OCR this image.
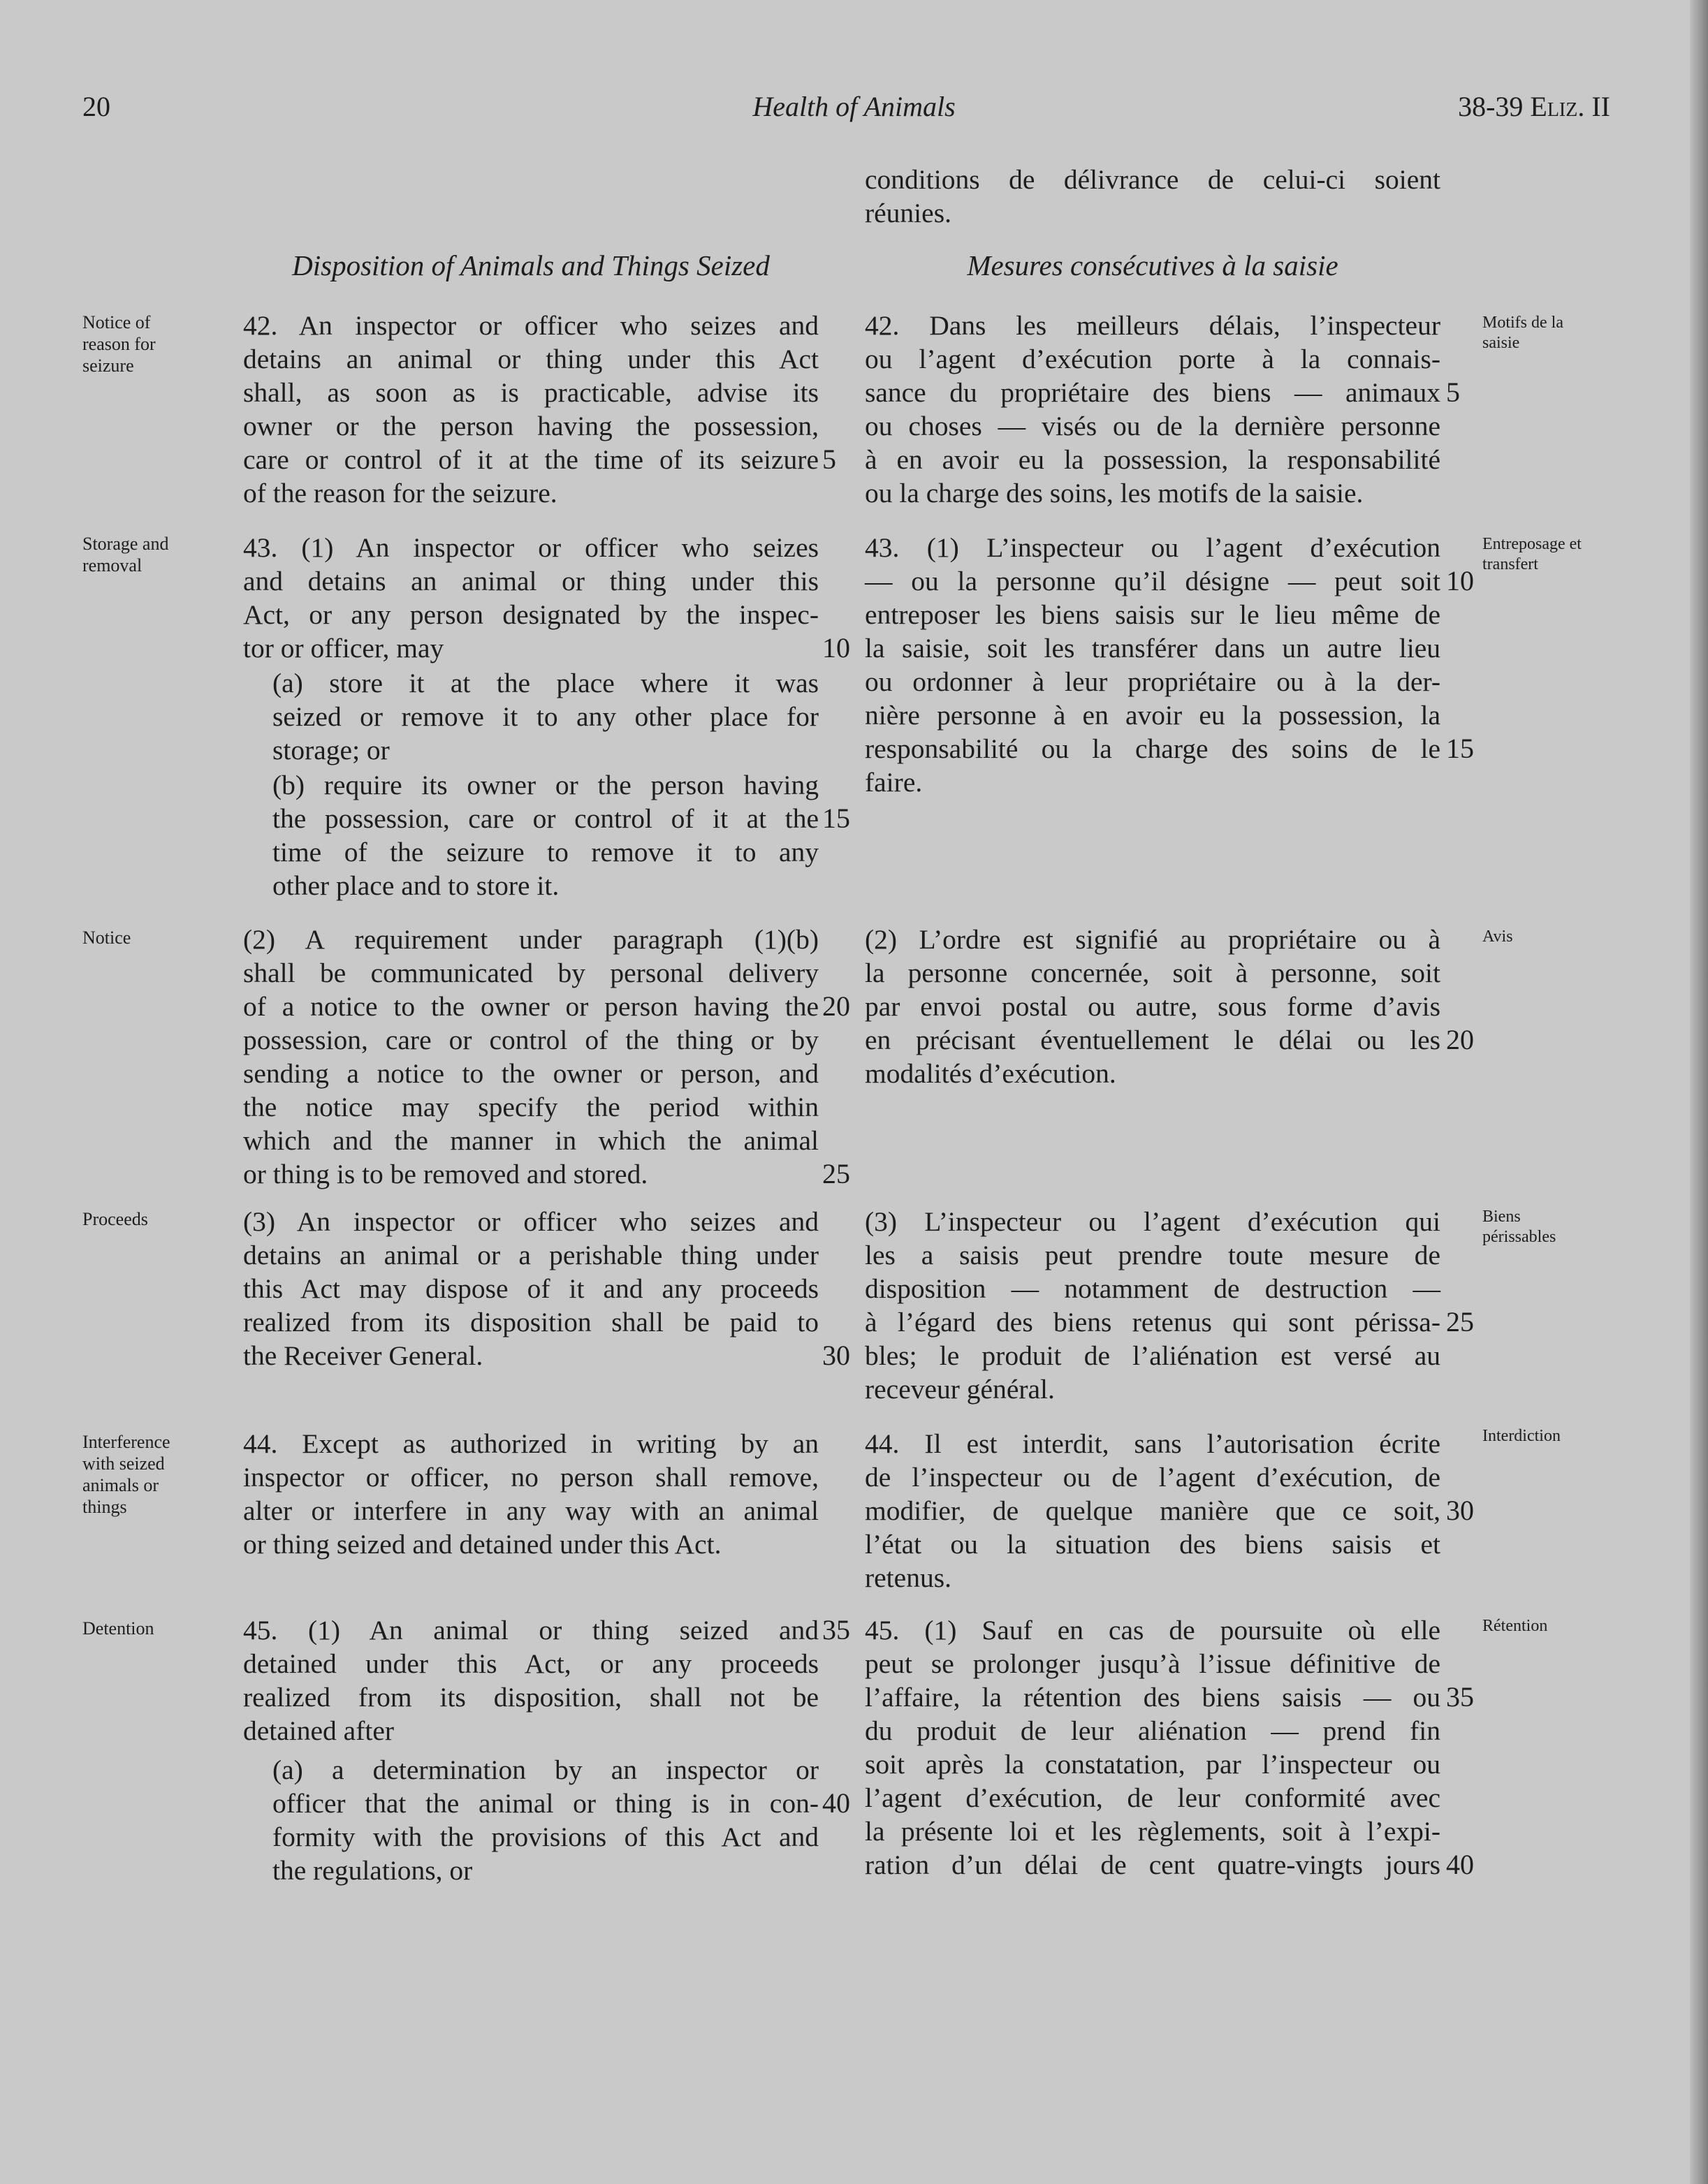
Health of Animals
20	38-39 Eliz. II
Disposition of Animals and Things Seized	Mesures consécutives à la saisie
Notice of reason for seizure
Storage and removal
Notice
Proceeds
Interference with seized animals or things
Detention
Motifs de la saisie
Entreposage et transfert
Avis
Biens périssables
Interdiction
Rétention
42. An inspector or officer who seizes and
detains an animal or thing under this Act
shall, as soon as is practicable, advise its
owner or the person having the possession,
care or control of it at the time of its seizure
of the reason for the seizure.
43. (1) An inspector or officer who seizes
and detains an animal or thing under this
Act, or any person designated by the inspec-
tor or officer, may
(a) store it at the place where it was
seized or remove it to any other place for
storage; or
(b) require its owner or the person having
the possession, care or control of it at the
time of the seizure to remove it to any
other place and to store it.
(2) A requirement under paragraph (1)(b)
shall be communicated by personal delivery
of a notice to the owner or person having the
possession, care or control of the thing or by
sending a notice to the owner or person, and
the notice may specify the period within
which and the manner in which the animal
or thing is to be removed and stored.
(3) An inspector or officer who seizes and
detains an animal or a perishable thing under
this Act may dispose of it and any proceeds
realized from its disposition shall be paid to
the Receiver General.
44. Except as authorized in writing by an
inspector or officer, no person shall remove,
alter or interfere in any way with an animal
or thing seized and detained under this Act.
45. (1) An animal or thing seized and
detained under this Act, or any proceeds
realized from its disposition, shall not be
detained after
(a) a determination by an inspector or
officer that the animal or thing is in con-
formity with the provisions of this Act and
the regulations, or
5
10
15
20
25
30
35
40
conditions de délivrance de celui-ci soient
réunies.
42. Dans les meilleurs délais, l’inspecteur
ou l’agent d’exécution porte à la connais-
sance du propriétaire des biens — animaux
ou choses — visés ou de la dernière personne
à en avoir eu la possession, la responsabilité
ou la charge des soins, les motifs de la saisie.
43. (1) L’inspecteur ou l’agent d’exécution
— ou la personne qu’il désigne — peut soit
entreposer les biens saisis sur le lieu même de
la saisie, soit les transférer dans un autre lieu
ou ordonner à leur propriétaire ou à la der-
nière personne à en avoir eu la possession, la
responsabilité ou la charge des soins de le
faire.
(2) L’ordre est signifié au propriétaire ou à
la personne concernée, soit à personne, soit
par envoi postal ou autre, sous forme d’avis
en précisant éventuellement le délai ou les
modalités d’exécution.
(3) L’inspecteur ou l’agent d’exécution qui
les a saisis peut prendre toute mesure de
disposition — notamment de destruction —
à l’égard des biens retenus qui sont périssa-
bles; le produit de l’aliénation est versé au
receveur général.
44. Il est interdit, sans l’autorisation écrite
de l’inspecteur ou de l’agent d’exécution, de
modifier, de quelque manière que ce soit,
l’état ou la situation des biens saisis et
retenus.
45. (1) Sauf en cas de poursuite où elle
peut se prolonger jusqu’à l’issue définitive de
l’affaire, la rétention des biens saisis — ou
du produit de leur aliénation — prend fin
soit après la constatation, par l’inspecteur ou
l’agent d’exécution, de leur conformité avec
la présente loi et les règlements, soit à l’expi-
ration d’un délai de cent quatre-vingts jours
5
10
15
20
25
30
35
40
